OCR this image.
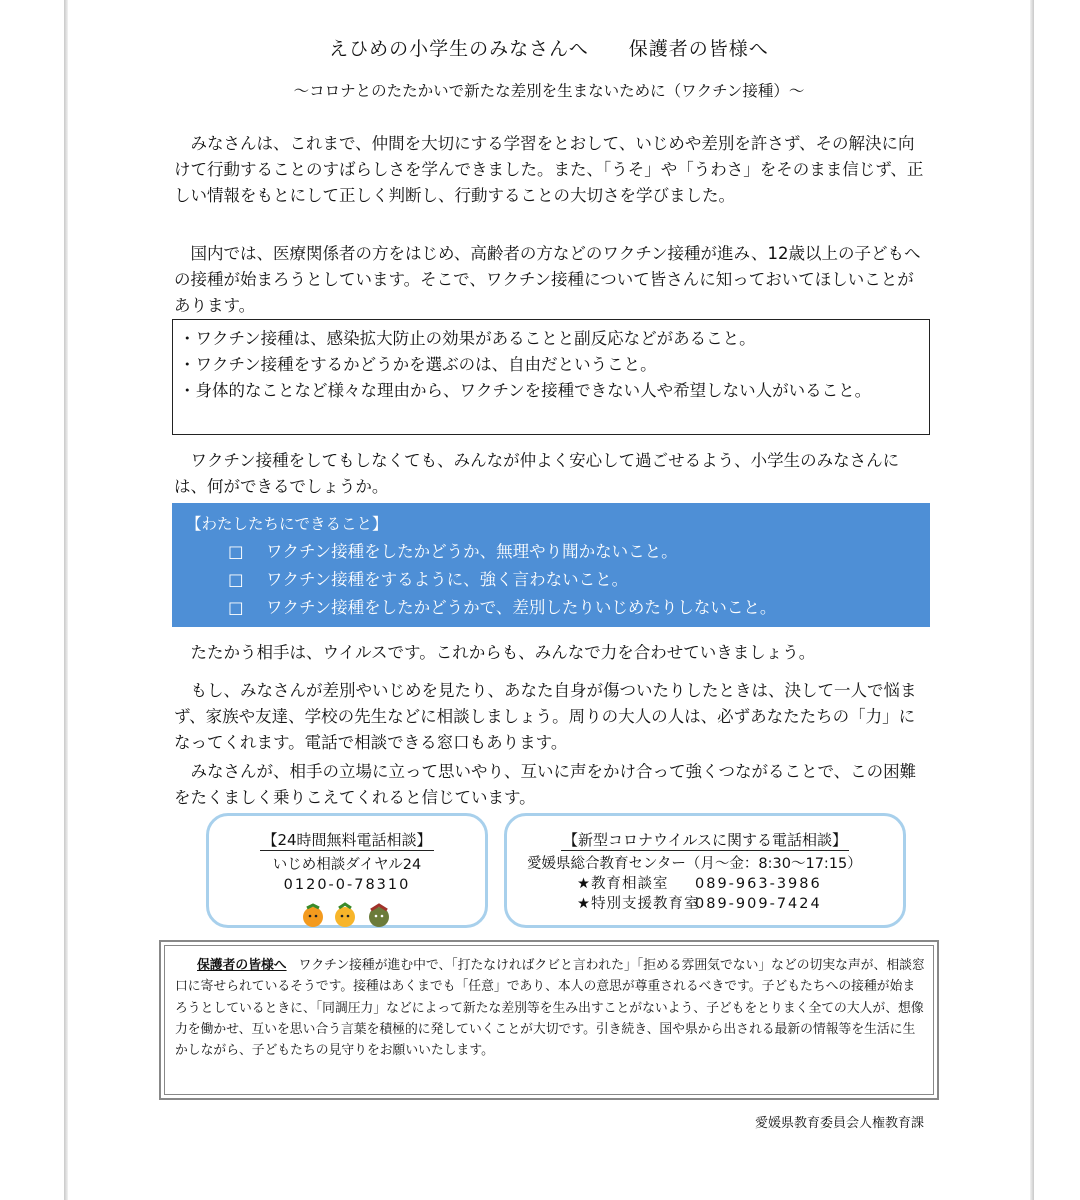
えひめの小学生のみなさんへ 保護者の皆様へ
～コロナとのたたかいで新たな差別を生まないために（ワクチン接種）～

みなさんは、これまで、仲間を大切にする学習をとおして、いじめや差別を許さず、その解決に向けて行動することのすばらしさを学んできました。また、「うそ」や「うわさ」をそのまま信じず、正しい情報をもとにして正しく判断し、行動することの大切さを学びました。

国内では、医療関係者の方をはじめ、高齢者の方などのワクチン接種が進み、12歳以上の子どもへの接種が始まろうとしています。そこで、ワクチン接種について皆さんに知っておいてほしいことがあります。

・ ワクチン接種は、感染拡大防止の効果があることと副反応などがあること。
・ ワクチン接種をするかどうかを選ぶのは、自由だということ。
・ 身体的なことなど様々な理由から、ワクチンを接種できない人や希望しない人がいること。

ワクチン接種をしてもしなくても、みんなが仲よく安心して過ごせるよう、小学生のみなさんには、何ができるでしょうか。

【わたしたちにできること】
□ ワクチン接種をしたかどうか、無理やり聞かないこと。
□ ワクチン接種をするように、強く言わないこと。
□ ワクチン接種をしたかどうかで、差別したりいじめたりしないこと。

たたかう相手は、ウイルスです。これからも、みんなで力を合わせていきましょう。

もし、みなさんが差別やいじめを見たり、あなた自身が傷ついたりしたときは、決して一人で悩まず、家族や友達、学校の先生などに相談しましょう。周りの大人の人は、必ずあなたたちの「力」になってくれます。電話で相談できる窓口もあります。

みなさんが、相手の立場に立って思いやり、互いに声をかけ合って強くつながることで、この困難をたくましく乗りこえてくれると信じています。

【24時間無料電話相談】
いじめ相談ダイヤル24
0120-0-78310
【新型コロナウイルスに関する電話相談】
愛媛県総合教育センター（月～金：8:30～17:15）
★教育相談室 089-963-3986
★特別支援教育室089-909-7424
保護者の皆様へ ワクチン接種が進む中で、「打たなければクビと言われた」「拒める雰囲気でない」などの切実な声が、相談窓口に寄せられているそうです。接種はあくまでも「任意」であり、本人の意思が尊重されるべきです。子どもたちへの接種が始まろうとしているときに、「同調圧力」などによって新たな差別等を生み出すことがないよう、子どもをとりまく全ての大人が、想像力を働かせ、互いを思い合う言葉を積極的に発していくことが大切です。引き続き、国や県から出される最新の情報等を生活に生かしながら、子どもたちの見守りをお願いいたします。
愛媛県教育委員会人権教育課
